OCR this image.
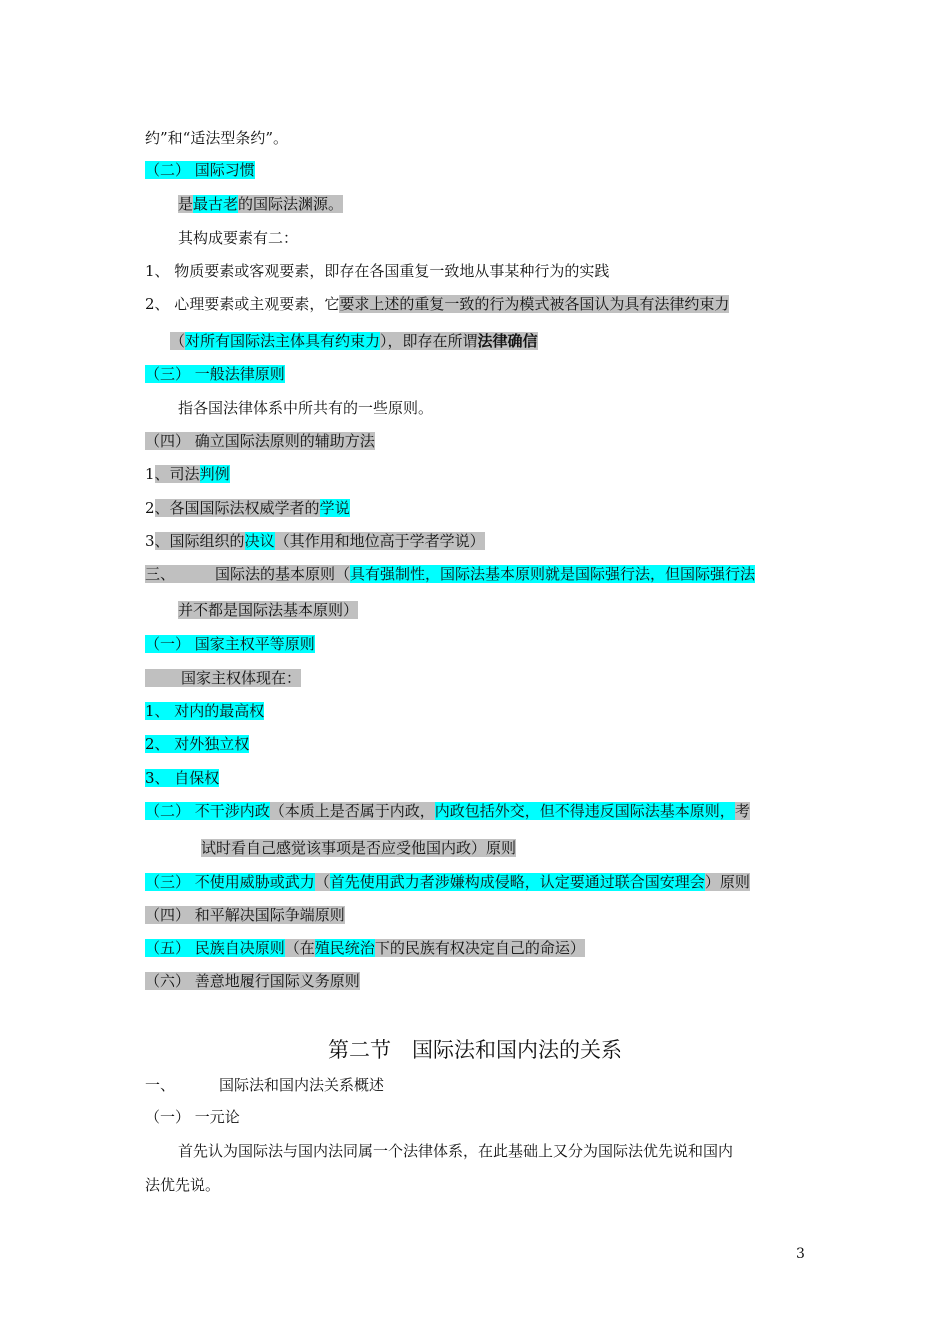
约”和“适法型条约”。
（二） 国际习惯
是最古老的国际法渊源。
其构成要素有二：
1、 物质要素或客观要素，即存在各国重复一致地从事某种行为的实践
2、 心理要素或主观要素，它要求上述的重复一致的行为模式被各国认为具有法律约束力
（对所有国际法主体具有约束力），即存在所谓法律确信
（三） 一般法律原则
指各国法律体系中所共有的一些原则。
（四） 确立国际法原则的辅助方法
1、司法判例
2、各国国际法权威学者的学说
3、国际组织的决议（其作用和地位高于学者学说）
三、	国际法的基本原则（具有强制性，国际法基本原则就是国际强行法，但国际强行法
并不都是国际法基本原则）
（一） 国家主权平等原则
国家主权体现在：
1、 对内的最高权
2、 对外独立权
3、 自保权
（二） 不干涉内政（本质上是否属于内政，内政包括外交，但不得违反国际法基本原则，考
试时看自己感觉该事项是否应受他国内政）原则
（三） 不使用威胁或武力（首先使用武力者涉嫌构成侵略，认定要通过联合国安理会）原则
（四） 和平解决国际争端原则
（五） 民族自决原则（在殖民统治下的民族有权决定自己的命运）
（六） 善意地履行国际义务原则
第二节　国际法和国内法的关系
一、	国际法和国内法关系概述
（一） 一元论
首先认为国际法与国内法同属一个法律体系，在此基础上又分为国际法优先说和国内
法优先说。
3
